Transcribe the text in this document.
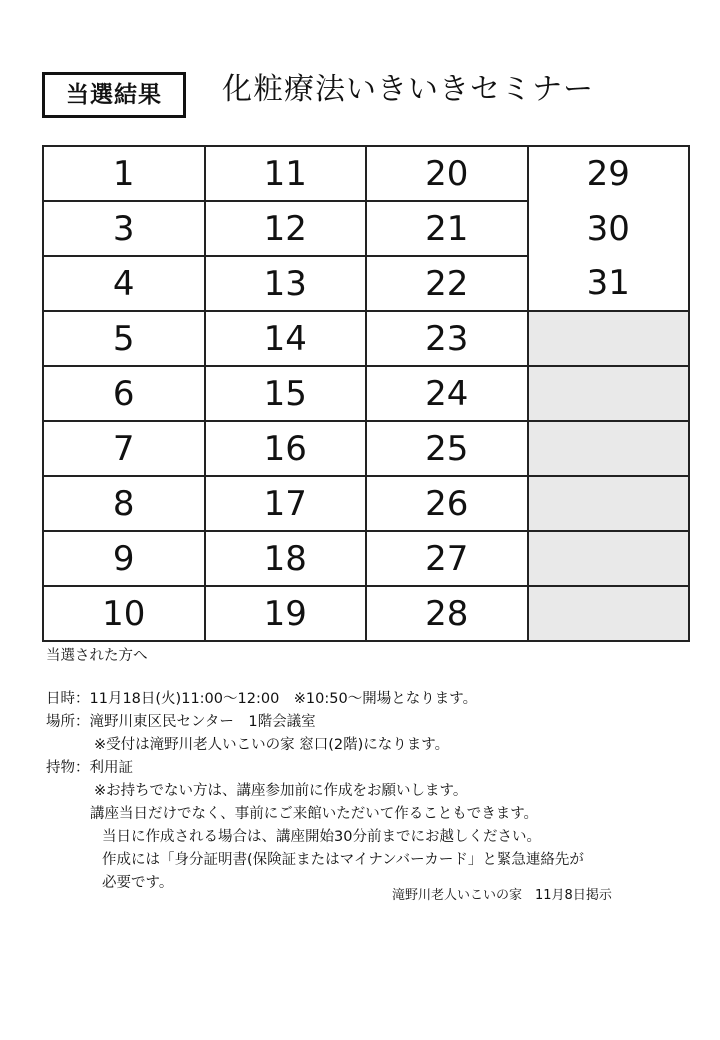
当選結果	化粧療法いきいきセミナー
1	11	20	29
3	12	21	30
4	13	22	31
5	14	23	
6	15	24	
7	16	25	
8	17	26	
9	18	27	
10	19	28	
当選された方へ
日時：11月18日(火)11:00～12:00　※10:50～開場となります。
場所：滝野川東区民センター　1階会議室
※受付は滝野川老人いこいの家 窓口(2階)になります。
持物：利用証
※お持ちでない方は、講座参加前に作成をお願いします。
講座当日だけでなく、事前にご来館いただいて作ることもできます。
当日に作成される場合は、講座開始30分前までにお越しください。
作成には「身分証明書(保険証またはマイナンバーカード」と緊急連絡先が
必要です。
滝野川老人いこいの家　11月8日掲示
